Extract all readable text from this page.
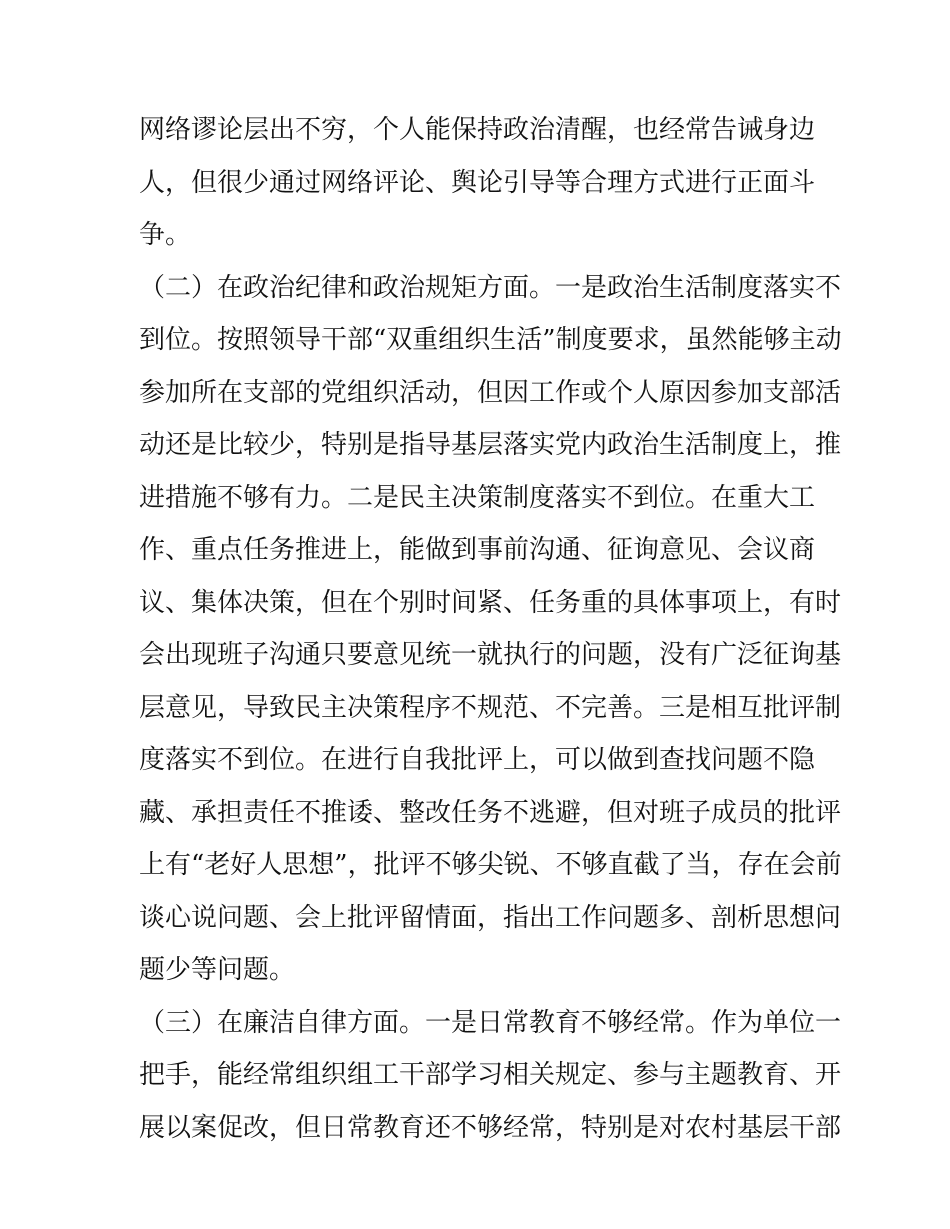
网络谬论层出不穷，个人能保持政治清醒，也经常告诫身边
人，但很少通过网络评论、舆论引导等合理方式进行正面斗
争。
（二）在政治纪律和政治规矩方面。一是政治生活制度落实不
到位。按照领导干部“双重组织生活”制度要求，虽然能够主动
参加所在支部的党组织活动，但因工作或个人原因参加支部活
动还是比较少，特别是指导基层落实党内政治生活制度上，推
进措施不够有力。二是民主决策制度落实不到位。在重大工
作、重点任务推进上，能做到事前沟通、征询意见、会议商
议、集体决策，但在个别时间紧、任务重的具体事项上，有时
会出现班子沟通只要意见统一就执行的问题，没有广泛征询基
层意见，导致民主决策程序不规范、不完善。三是相互批评制
度落实不到位。在进行自我批评上，可以做到查找问题不隐
藏、承担责任不推诿、整改任务不逃避，但对班子成员的批评
上有“老好人思想”，批评不够尖锐、不够直截了当，存在会前
谈心说问题、会上批评留情面，指出工作问题多、剖析思想问
题少等问题。
（三）在廉洁自律方面。一是日常教育不够经常。作为单位一
把手，能经常组织组工干部学习相关规定、参与主题教育、开
展以案促改，但日常教育还不够经常，特别是对农村基层干部
